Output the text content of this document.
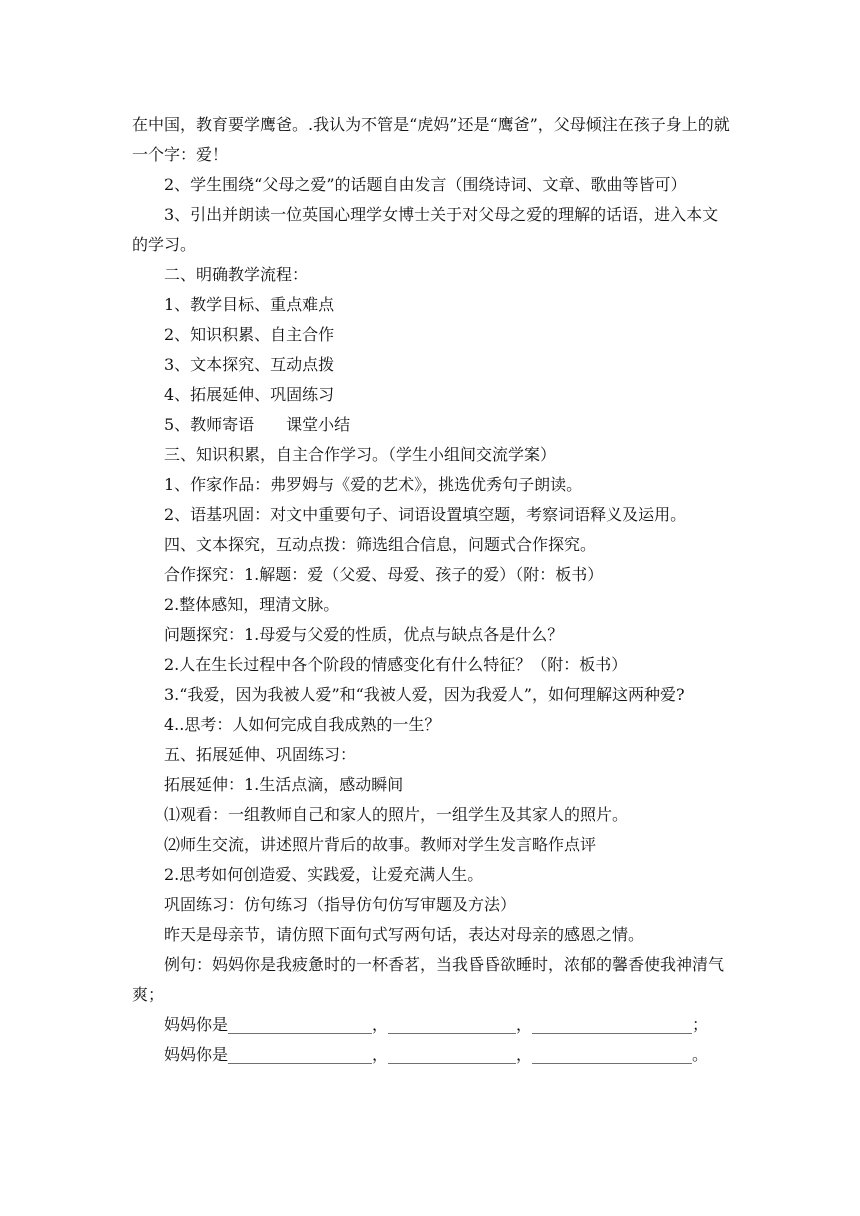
在中国，教育要学鹰爸。.我认为不管是“虎妈”还是“鹰爸”，父母倾注在孩子身上的就一个字：爱！

2、学生围绕“父母之爱”的话题自由发言（围绕诗词、文章、歌曲等皆可）

3、引出并朗读一位英国心理学女博士关于对父母之爱的理解的话语，进入本文的学习。

二、明确教学流程：

1、教学目标、重点难点

2、知识积累、自主合作

3、文本探究、互动点拨

4、拓展延伸、巩固练习

5、教师寄语　　课堂小结

三、知识积累，自主合作学习。（学生小组间交流学案）

1、作家作品：弗罗姆与《爱的艺术》，挑选优秀句子朗读。

2、语基巩固：对文中重要句子、词语设置填空题，考察词语释义及运用。

四、文本探究，互动点拨：筛选组合信息，问题式合作探究。

合作探究：1.解题：爱（父爱、母爱、孩子的爱）（附：板书）

2.整体感知，理清文脉。

问题探究：1.母爱与父爱的性质，优点与缺点各是什么？

2.人在生长过程中各个阶段的情感变化有什么特征？（附：板书）

3.“我爱，因为我被人爱”和“我被人爱，因为我爱人”，如何理解这两种爱?

4..思考：人如何完成自我成熟的一生？

五、拓展延伸、巩固练习：

拓展延伸：1.生活点滴，感动瞬间

⑴观看：一组教师自己和家人的照片，一组学生及其家人的照片。

⑵师生交流，讲述照片背后的故事。教师对学生发言略作点评

2.思考如何创造爱、实践爱，让爱充满人生。

巩固练习：仿句练习（指导仿句仿写审题及方法）

昨天是母亲节，请仿照下面句式写两句话，表达对母亲的感恩之情。

例句：妈妈你是我疲惫时的一杯香茗，当我昏昏欲睡时，浓郁的馨香使我神清气爽；

妈妈你是__________________，________________，____________________；

妈妈你是__________________，________________，____________________。
